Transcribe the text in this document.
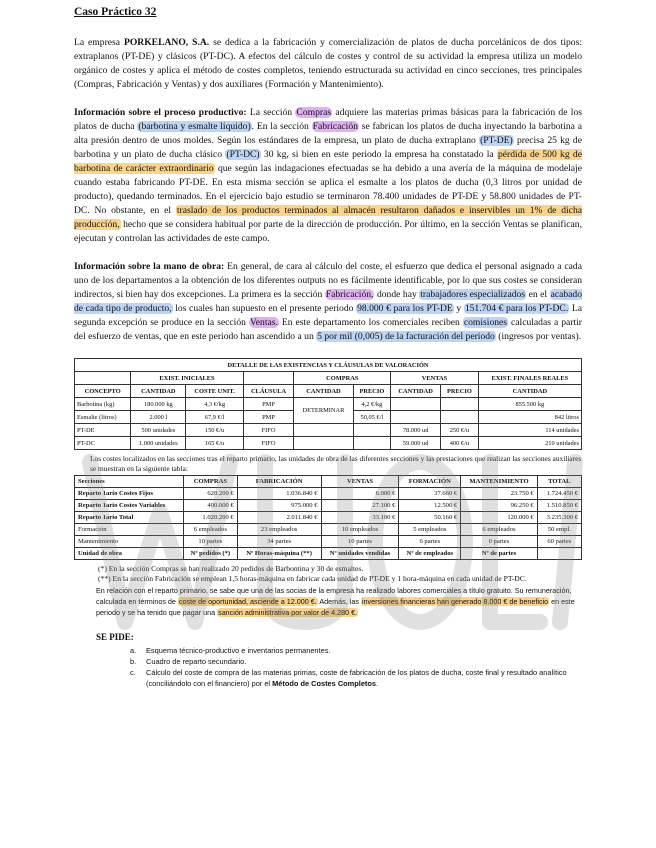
Caso Práctico 32

La empresa PORKELANO, S.A. se dedica a la fabricación y comercialización de platos de ducha porcelánicos de dos tipos: extraplanos (PT-DE) y clásicos (PT-DC). A efectos del cálculo de costes y control de su actividad la empresa utiliza un modelo orgánico de costes y aplica el método de costes completos, teniendo estructurada su actividad en cinco secciones, tres principales (Compras, Fabricación y Ventas) y dos auxiliares (Formación y Mantenimiento).

Información sobre el proceso productivo: La sección Compras adquiere las materias primas básicas para la fabricación de los platos de ducha (barbotina y esmalte líquido). En la sección Fabricación se fabrican los platos de ducha inyectando la barbotina a alta presión dentro de unos moldes. Según los estándares de la empresa, un plato de ducha extraplano (PT-DE) precisa 25 kg de barbotina y un plato de ducha clásico (PT-DC) 30 kg, si bien en este periodo la empresa ha constatado la pérdida de 500 kg de barbotina de carácter extraordinario que según las indagaciones efectuadas se ha debido a una avería de la máquina de modelaje cuando estaba fabricando PT-DE. En esta misma sección se aplica el esmalte a los platos de ducha (0,3 litros por unidad de producto), quedando terminados. En el ejercicio bajo estudio se terminaron 78.400 unidades de PT-DE y 58.800 unidades de PT-DC. No obstante, en el traslado de los productos terminados al almacén resultaron dañados e inservibles un 1% de dicha producción, hecho que se considera habitual por parte de la dirección de producción. Por último, en la sección Ventas se planifican, ejecutan y controlan las actividades de este campo.

Información sobre la mano de obra: En general, de cara al cálculo del coste, el esfuerzo que dedica el personal asignado a cada uno de los departamentos a la obtención de los diferentes outputs no es fácilmente identificable, por lo que sus costes se consideran indirectos, si bien hay dos excepciones. La primera es la sección Fabricación, donde hay trabajadores especializados en el acabado de cada tipo de producto, los cuales han supuesto en el presente periodo 98.000 € para los PT-DE y 151.704 € para los PT-DC. La segunda excepción se produce en la sección Ventas. En este departamento los comerciales reciben comisiones calculadas a partir del esfuerzo de ventas, que en este periodo han ascendido a un 5 por mil (0,005) de la facturación del periodo (ingresos por ventas).

DETALLE DE LAS EXISTENCIAS Y CLÁUSULAS DE VALORACIÓN								
	EXIST. INICIALES			COMPRAS		VENTAS		EXIST. FINALES REALES
CONCEPTO	CANTIDAD	COSTE UNIT.	CLÁUSULA	CANTIDAD	PRECIO	CANTIDAD	PRECIO	CANTIDAD
Barbotina (kg)	180.000 kg	4,3 €/kg	PMP	DETERMINAR	4,2 €/kg			855.500 kg
Esmalte (litros)	2.000 l	67,9 €/l	PMP		50,05 €/l			842 litros
PT-DE	500 unidades	150 €/u	FIFO			78.000 ud	250 €/u	114 unidades
PT-DC	1.000 unidades	165 €/u	FIFO			59.000 ud	400 €/u	210 unidades
Los costes localizados en las secciones tras el reparto primario, las unidades de obra de las diferentes secciones y las prestaciones que realizan las secciones auxiliares se muestran en la siguiente tabla:
Secciones	COMPRAS	FABRICACIÓN	VENTAS	FORMACIÓN	MANTENIMIENTO	TOTAL
Reparto 1ario Costes Fijos	620.200 €	1.036.840 €	6.000 €	37.660 €	23.750 €	1.724.450 €
Reparto 1ario Costes Variables	400.000 €	975.000 €	27.100 €	12.500 €	96.250 €	1.510.850 €
Reparto 1ario Total	1.020.200 €	2.011.840 €	33.100 €	50.160 €	120.000 €	3.235.300 €
Formación	6 empleados	23 empleados	10 empleados	5 empleados	6 empleados	50 empl.
Mantenimiento	10 partes	34 partes	10 partes	6 partes	0 partes	60 partes
Unidad de obra	Nº pedidos (*)	Nº Horas-máquina (**)	Nº unidades vendidas	Nº de empleados	Nº de partes	
(*) En la sección Compras se han realizado 20 pedidos de Barbontina y 30 de esmaltes.
(**) En la sección Fabricación se emplean 1,5 horas-máquina en fabricar cada unidad de PT-DE y 1 hora-máquina en cada unidad de PT-DC.
En relación con el reparto primario, se sabe que una de las socias de la empresa ha realizado labores comerciales a título gratuito. Su remuneración, calculada en términos de coste de oportunidad, asciende a 12.000 €. Además, las inversiones financieras han generado 8.000 € de beneficio en este periodo y se ha tenido que pagar una sanción administrativa por valor de 4.280 €.
SE PIDE:
a.	Esquema técnico-productivo e inventarios permanentes.
b.	Cuadro de reparto secundario.
c.	Cálculo del coste de compra de las materias primas, coste de fabricación de los platos de ducha, coste final y resultado analítico (conciliándolo con el financiero) por el Método de Costes Completos.
